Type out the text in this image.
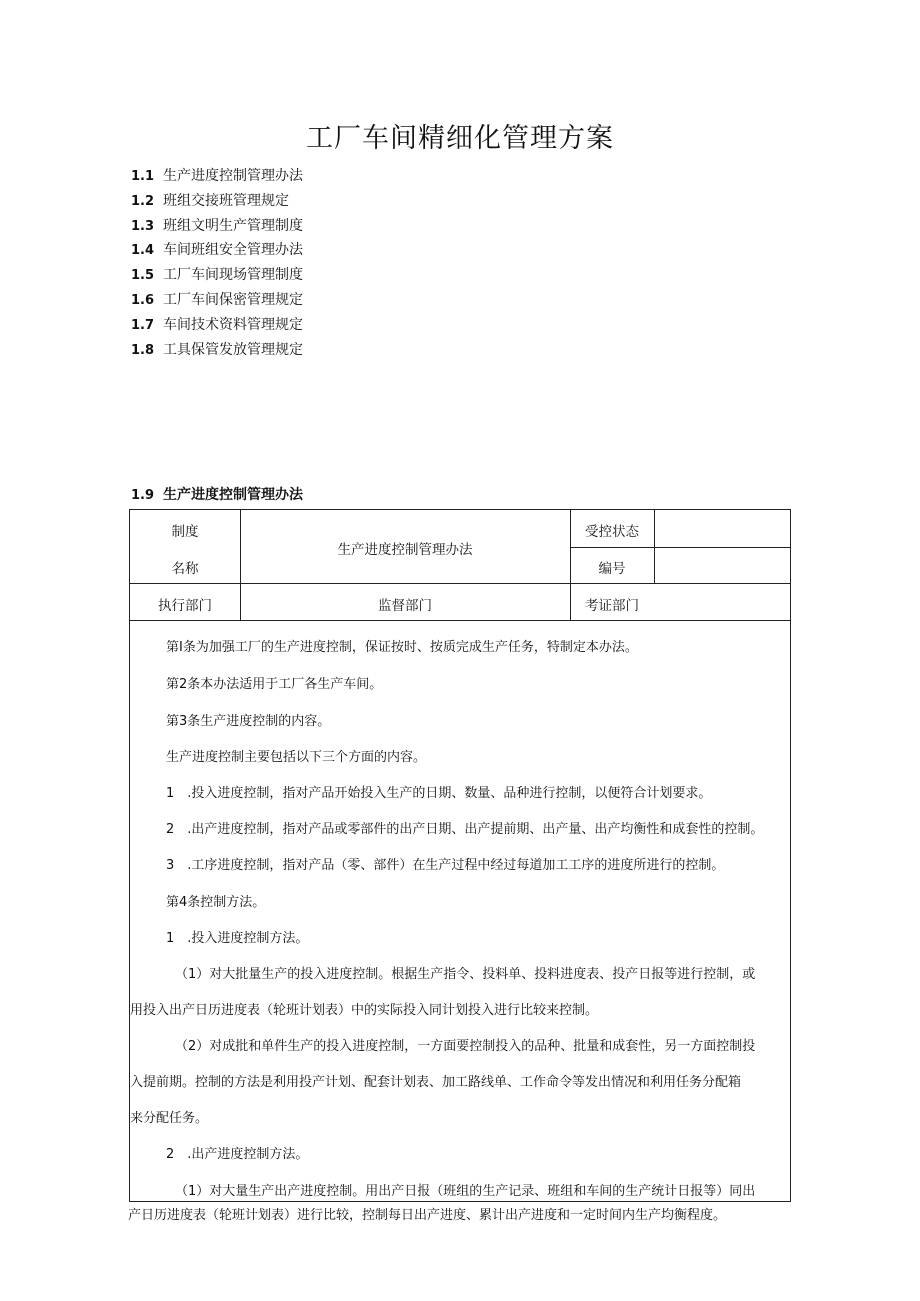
工厂车间精细化管理方案
1.1 生产进度控制管理办法
1.2 班组交接班管理规定
1.3 班组文明生产管理制度
1.4 车间班组安全管理办法
1.5 工厂车间现场管理制度
1.6 工厂车间保密管理规定
1.7 车间技术资料管理规定
1.8 工具保管发放管理规定
1.9 生产进度控制管理办法
制度
名称
生产进度控制管理办法
受控状态
编号
执行部门	监督部门	考证部门
第I条为加强工厂的生产进度控制，保证按时、按质完成生产任务，特制定本办法。
第2条本办法适用于工厂各生产车间。
第3条生产进度控制的内容。
生产进度控制主要包括以下三个方面的内容。
1　.投入进度控制，指对产品开始投入生产的日期、数量、品种进行控制，以便符合计划要求。
2　.出产进度控制，指对产品或零部件的出产日期、出产提前期、出产量、出产均衡性和成套性的控制。
3　.工序进度控制，指对产品（零、部件）在生产过程中经过每道加工工序的进度所进行的控制。
第4条控制方法。
1　.投入进度控制方法。
（1）对大批量生产的投入进度控制。根据生产指令、投料单、投料进度表、投产日报等进行控制，或
用投入出产日历进度表（轮班计划表）中的实际投入同计划投入进行比较来控制。
（2）对成批和单件生产的投入进度控制，一方面要控制投入的品种、批量和成套性，另一方面控制投
入提前期。控制的方法是利用投产计划、配套计划表、加工路线单、工作命令等发出情况和利用任务分配箱
来分配任务。
2　.出产进度控制方法。
（1）对大量生产出产进度控制。用出产日报（班组的生产记录、班组和车间的生产统计日报等）同出
产日历进度表（轮班计划表）进行比较，控制每日出产进度、累计出产进度和一定时间内生产均衡程度。
